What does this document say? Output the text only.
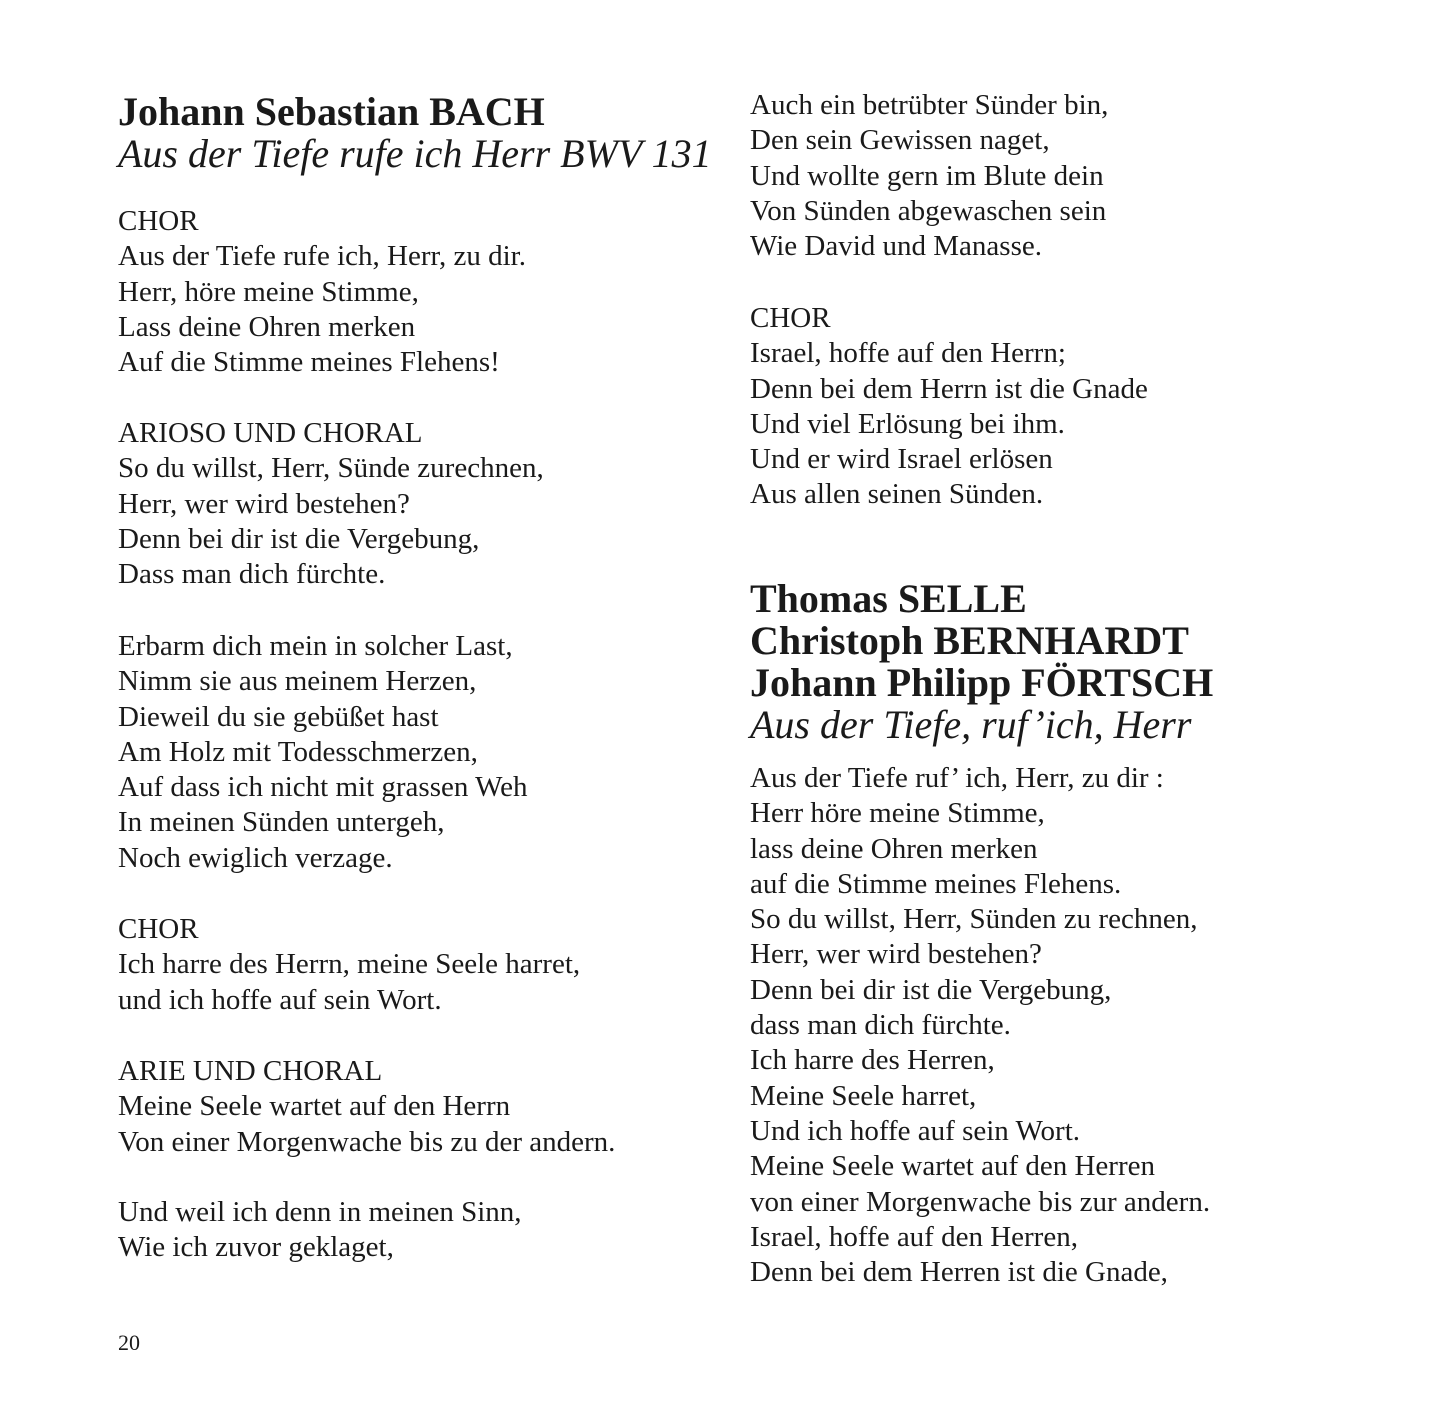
Johann Sebastian BACH
Aus der Tiefe rufe ich Herr BWV 131
CHOR
Aus der Tiefe rufe ich, Herr, zu dir.
Herr, höre meine Stimme,
Lass deine Ohren merken
Auf die Stimme meines Flehens!
ARIOSO UND CHORAL
So du willst, Herr, Sünde zurechnen,
Herr, wer wird bestehen?
Denn bei dir ist die Vergebung,
Dass man dich fürchte.
Erbarm dich mein in solcher Last,
Nimm sie aus meinem Herzen,
Dieweil du sie gebüßet hast
Am Holz mit Todesschmerzen,
Auf dass ich nicht mit grassen Weh
In meinen Sünden untergeh,
Noch ewiglich verzage.
CHOR
Ich harre des Herrn, meine Seele harret,
und ich hoffe auf sein Wort.
ARIE UND CHORAL
Meine Seele wartet auf den Herrn
Von einer Morgenwache bis zu der andern.
Und weil ich denn in meinen Sinn,
Wie ich zuvor geklaget,
Auch ein betrübter Sünder bin,
Den sein Gewissen naget,
Und wollte gern im Blute dein
Von Sünden abgewaschen sein
Wie David und Manasse.
CHOR
Israel, hoffe auf den Herrn;
Denn bei dem Herrn ist die Gnade
Und viel Erlösung bei ihm.
Und er wird Israel erlösen
Aus allen seinen Sünden.
Thomas SELLE
Christoph BERNHARDT
Johann Philipp FÖRTSCH
Aus der Tiefe, ruf’ich, Herr
Aus der Tiefe ruf’ ich, Herr, zu dir :
Herr höre meine Stimme,
lass deine Ohren merken
auf die Stimme meines Flehens.
So du willst, Herr, Sünden zu rechnen,
Herr, wer wird bestehen?
Denn bei dir ist die Vergebung,
dass man dich fürchte.
Ich harre des Herren,
Meine Seele harret,
Und ich hoffe auf sein Wort.
Meine Seele wartet auf den Herren
von einer Morgenwache bis zur andern.
Israel, hoffe auf den Herren,
Denn bei dem Herren ist die Gnade,
20
